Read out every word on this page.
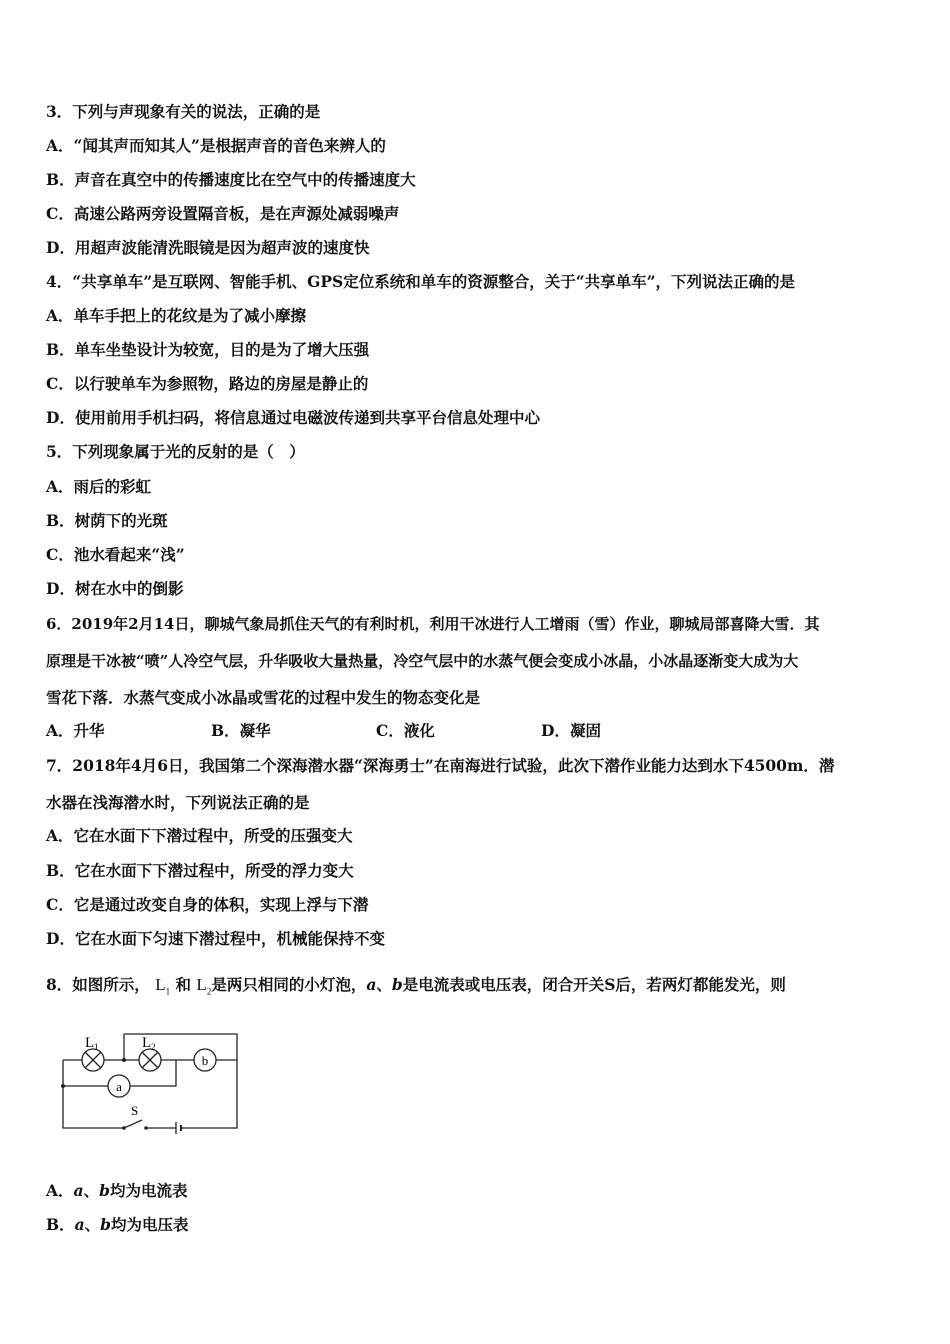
3．下列与声现象有关的说法，正确的是
A．“闻其声而知其人”是根据声音的音色来辨人的
B．声音在真空中的传播速度比在空气中的传播速度大
C．高速公路两旁设置隔音板，是在声源处减弱噪声
D．用超声波能清洗眼镜是因为超声波的速度快
4．“共享单车”是互联网、智能手机、GPS定位系统和单车的资源整合，关于“共享单车”，下列说法正确的是
A．单车手把上的花纹是为了减小摩擦
B．单车坐垫设计为较宽，目的是为了增大压强
C．以行驶单车为参照物，路边的房屋是静止的
D．使用前用手机扫码，将信息通过电磁波传递到共享平台信息处理中心
5．下列现象属于光的反射的是（　）
A．雨后的彩虹
B．树荫下的光斑
C．池水看起来“浅”
D．树在水中的倒影
6．2019年2月14日，聊城气象局抓住天气的有利时机，利用干冰进行人工增雨（雪）作业，聊城局部喜降大雪．其
原理是干冰被“喷”人冷空气层，升华吸收大量热量，冷空气层中的水蒸气便会变成小冰晶，小冰晶逐渐变大成为大
雪花下落．水蒸气变成小冰晶或雪花的过程中发生的物态变化是
A．升华	B．凝华	C．液化	D．凝固
7．2018年4月6日，我国第二个深海潜水器“深海勇士”在南海进行试验，此次下潜作业能力达到水下4500m．潜
水器在浅海潜水时，下列说法正确的是
A．它在水面下下潜过程中，所受的压强变大
B．它在水面下下潜过程中，所受的浮力变大
C．它是通过改变自身的体积，实现上浮与下潜
D．它在水面下匀速下潜过程中，机械能保持不变
8．如图所示， $L_1$ 和 $L_2$是两只相同的小灯泡，a、b是电流表或电压表，闭合开关S后，若两灯都能发光，则
$L_1$	$L_2$
b
a
S
A．a、b均为电流表
B．a、b均为电压表
